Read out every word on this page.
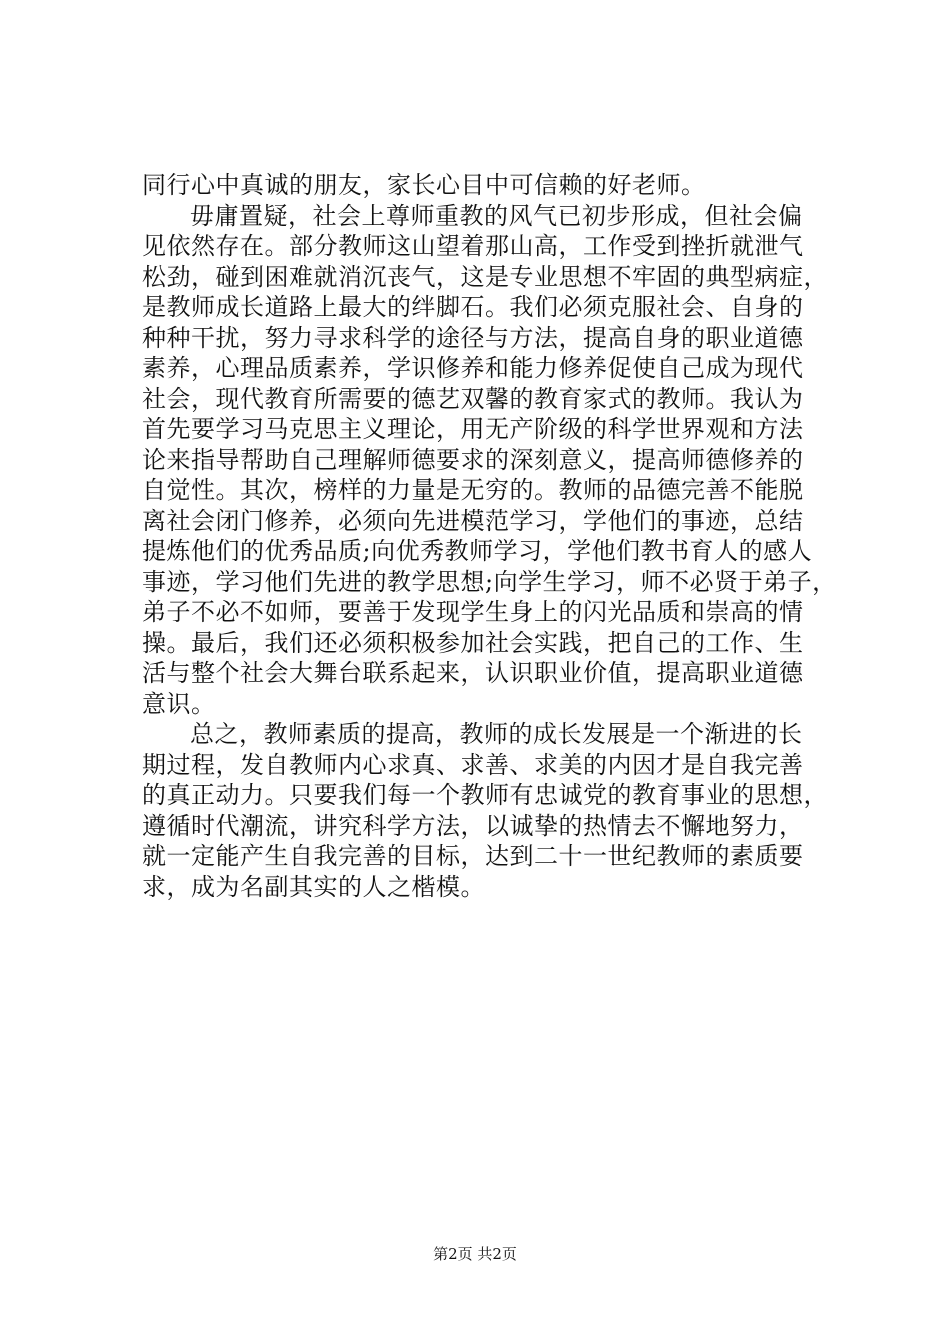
同行心中真诚的朋友，家长心目中可信赖的好老师。
毋庸置疑，社会上尊师重教的风气已初步形成，但社会偏
见依然存在。部分教师这山望着那山高，工作受到挫折就泄气
松劲，碰到困难就消沉丧气，这是专业思想不牢固的典型病症，
是教师成长道路上最大的绊脚石。我们必须克服社会、自身的
种种干扰，努力寻求科学的途径与方法，提高自身的职业道德
素养，心理品质素养，学识修养和能力修养促使自己成为现代
社会，现代教育所需要的德艺双馨的教育家式的教师。我认为
首先要学习马克思主义理论，用无产阶级的科学世界观和方法
论来指导帮助自己理解师德要求的深刻意义，提高师德修养的
自觉性。其次，榜样的力量是无穷的。教师的品德完善不能脱
离社会闭门修养，必须向先进模范学习，学他们的事迹，总结
提炼他们的优秀品质;向优秀教师学习，学他们教书育人的感人
事迹，学习他们先进的教学思想;向学生学习，师不必贤于弟子，
弟子不必不如师，要善于发现学生身上的闪光品质和崇高的情
操。最后，我们还必须积极参加社会实践，把自己的工作、生
活与整个社会大舞台联系起来，认识职业价值，提高职业道德
意识。
总之，教师素质的提高，教师的成长发展是一个渐进的长
期过程，发自教师内心求真、求善、求美的内因才是自我完善
的真正动力。只要我们每一个教师有忠诚党的教育事业的思想，
遵循时代潮流，讲究科学方法，以诚挚的热情去不懈地努力，
就一定能产生自我完善的目标，达到二十一世纪教师的素质要
求，成为名副其实的人之楷模。
第2页 共2页
